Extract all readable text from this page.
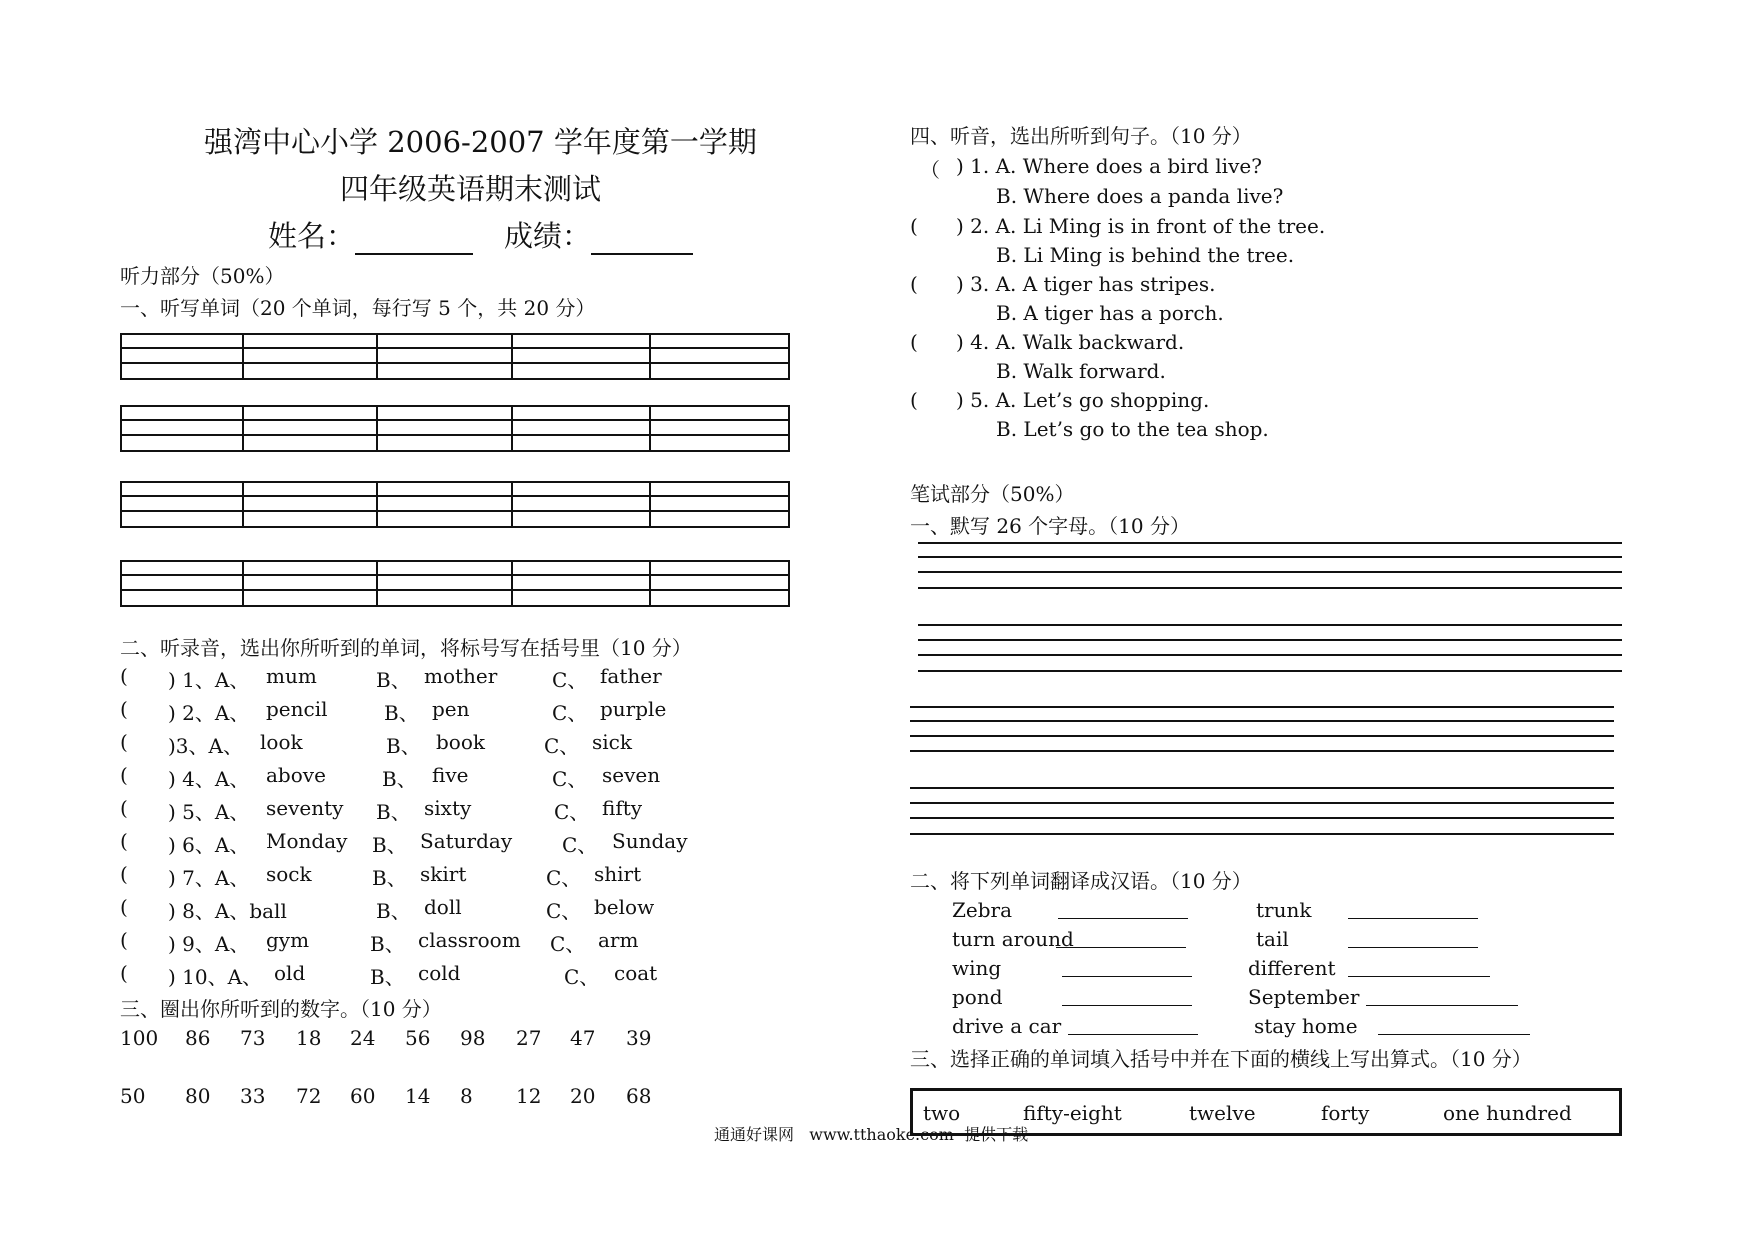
强湾中心小学 2006-2007 学年度第一学期
四年级英语期末测试
姓名：	成绩：
听力部分（50%）
一、听写单词（20 个单词，每行写 5 个，共 20 分）
二、听录音，选出你所听到的单词，将标号写在括号里（10 分）
( ) 1、A、 mum	B、 mother	C、 father
( ) 2、A、 pencil	B、 pen	C、 purple
( )3、A、 look	B、 book	C、 sick
( ) 4、A、 above	B、 five	C、 seven
( ) 5、A、 seventy B、 sixty	C、 fifty
( ) 6、A、 Monday B、 Saturday C、 Sunday
( ) 7、A、 sock	B、 skirt	C、 shirt
( ) 8、A、ball	B、 doll	C、 below
( ) 9、A、 gym	B、 classroom C、 arm
( ) 10、A、 old	B、 cold	C、 coat
三、圈出你所听到的数字。（10 分）
100 86 73 18 24 56 98 27 47 39
50 80 33 72 60 14 8 12 20 68
四、听音，选出所听到句子。（10 分）
（ ) 1. A. Where does a bird live?
B. Where does a panda live?
( ) 2. A. Li Ming is in front of the tree.
B. Li Ming is behind the tree.
( ) 3. A. A tiger has stripes.
B. A tiger has a porch.
( ) 4. A. Walk backward.
B. Walk forward.
( ) 5. A. Let’s go shopping.
B. Let’s go to the tea shop.
笔试部分（50%）
一、默写 26 个字母。（10 分）
二、将下列单词翻译成汉语。（10 分）
Zebra	trunk
turn around	tail
wing	different
pond	September
drive a car	stay home
三、选择正确的单词填入括号中并在下面的横线上写出算式。（10 分）
two	fifty-eight	twelve	forty	one hundred
通通好课网 www.tthaoke.com 提供下载
